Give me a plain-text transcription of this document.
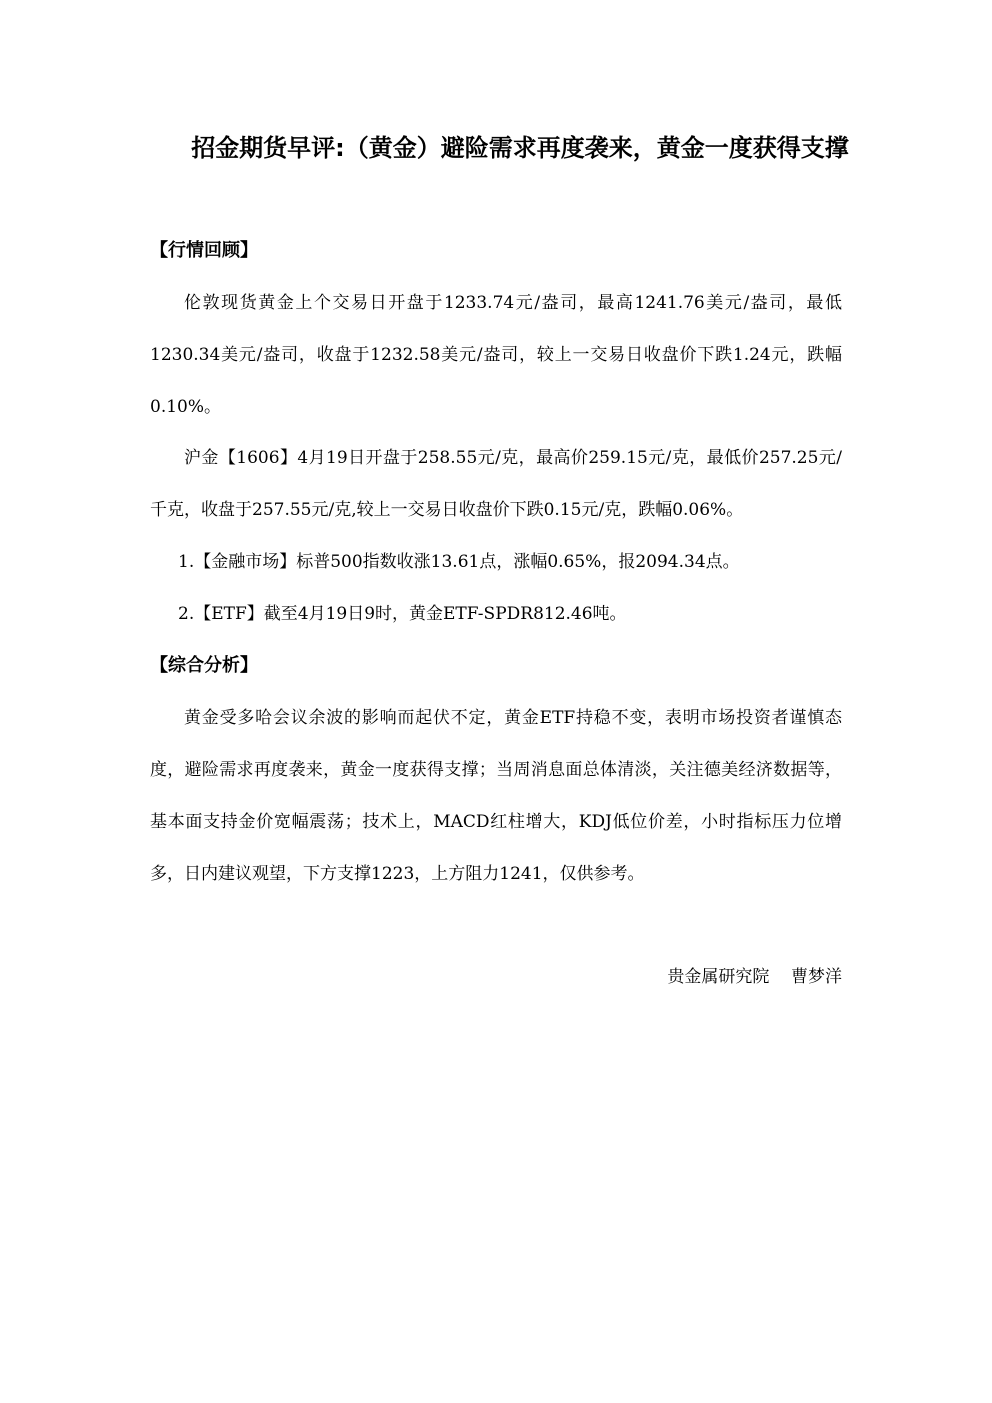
招金期货早评:（黄金）避险需求再度袭来，黄金一度获得支撑
【行情回顾】
伦敦现货黄金上个交易日开盘于1233.74元/盎司，最高1241.76美元/盎司，最低1230.34美元/盎司，收盘于1232.58美元/盎司，较上一交易日收盘价下跌1.24元，跌幅0.10%。
沪金【1606】4月19日开盘于258.55元/克，最高价259.15元/克，最低价257.25元/千克，收盘于257.55元/克,较上一交易日收盘价下跌0.15元/克，跌幅0.06%。
1.【金融市场】标普500指数收涨13.61点，涨幅0.65%，报2094.34点。
2.【ETF】截至4月19日9时，黄金ETF-SPDR812.46吨。
【综合分析】
黄金受多哈会议余波的影响而起伏不定，黄金ETF持稳不变，表明市场投资者谨慎态度，避险需求再度袭来，黄金一度获得支撑；当周消息面总体清淡，关注德美经济数据等，基本面支持金价宽幅震荡；技术上，MACD红柱增大，KDJ低位价差，小时指标压力位增多，日内建议观望，下方支撑1223，上方阻力1241，仅供参考。
贵金属研究院    曹梦洋
